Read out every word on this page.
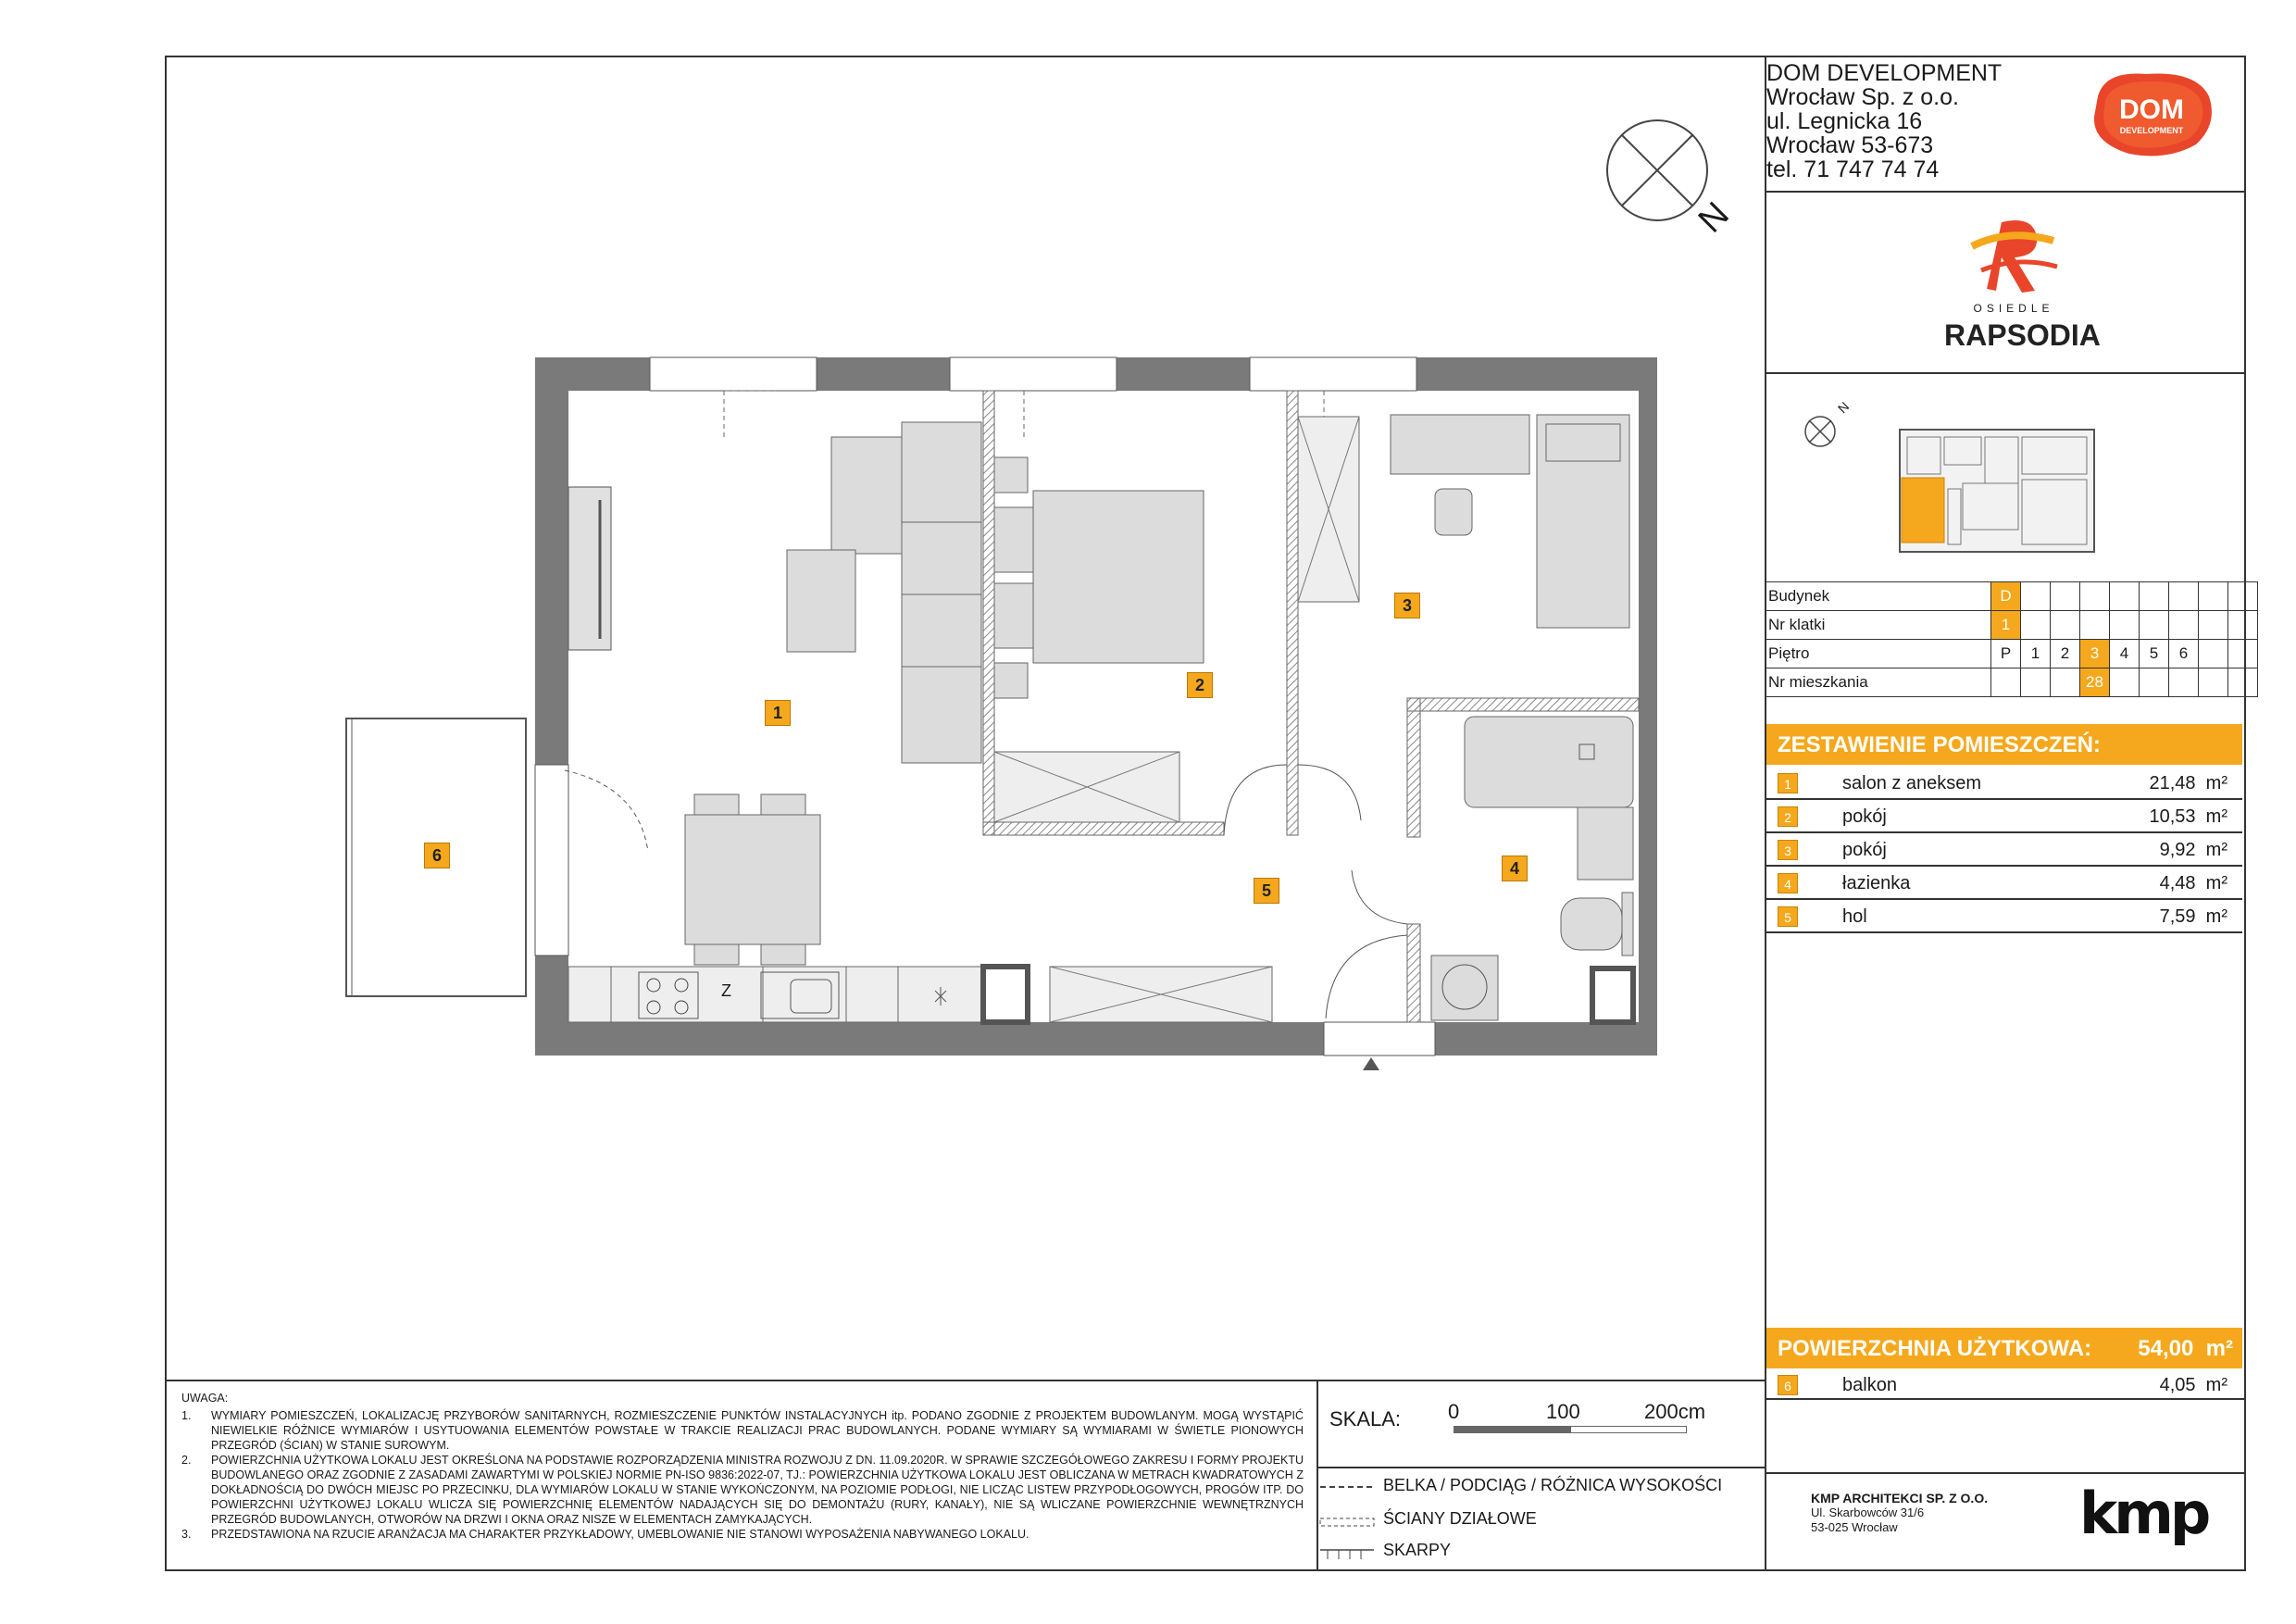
DOM DEVELOPMENT
Wrocław Sp. z o.o.
ul. Legnicka 16
Wrocław 53-673
tel. 71 747 74 74
DOM
DEVELOPMENT
OSIEDLE
RAPSODIA
N
N
Budynek	D								
Nr klatki	1								
Piętro	P	1	2	3	4	5	6		
Nr mieszkania				28					
ZESTAWIENIE POMIESZCZEŃ:
1	salon z aneksem	21,48 m²
2	pokój	10,53 m²
3	pokój	9,92 m²
4	łazienka	4,48 m²
5	hol	7,59 m²
POWIERZCHNIA UŻYTKOWA: 54,00 m²
6	balkon	4,05 m²
KMP ARCHITEKCI SP. Z O.O.
Ul. Skarbowców 31/6
53-025 Wrocław	kmp
UWAGA:
1. WYMIARY POMIESZCZEŃ, LOKALIZACJĘ PRZYBORÓW SANITARNYCH, ROZMIESZCZENIE PUNKTÓW INSTALACYJNYCH itp. PODANO ZGODNIE Z PROJEKTEM BUDOWLANYM. MOGĄ WYSTĄPIĆ NIEWIELKIE RÓŻNICE WYMIARÓW I USYTUOWANIA ELEMENTÓW POWSTAŁE W TRAKCIE REALIZACJI PRAC BUDOWLANYCH. PODANE WYMIARY SĄ WYMIARAMI W ŚWIETLE PIONOWYCH PRZEGRÓD (ŚCIAN) W STANIE SUROWYM.
2. POWIERZCHNIA UŻYTKOWA LOKALU JEST OKREŚLONA NA PODSTAWIE ROZPORZĄDZENIA MINISTRA ROZWOJU Z DN. 11.09.2020R. W SPRAWIE SZCZEGÓŁOWEGO ZAKRESU I FORMY PROJEKTU BUDOWLANEGO ORAZ ZGODNIE Z ZASADAMI ZAWARTYMI W POLSKIEJ NORMIE PN-ISO 9836:2022-07, TJ.: POWIERZCHNIA UŻYTKOWA LOKALU JEST OBLICZANA W METRACH KWADRATOWYCH Z DOKŁADNOŚCIĄ DO DWÓCH MIEJSC PO PRZECINKU, DLA WYMIARÓW LOKALU W STANIE WYKOŃCZONYM, NA POZIOMIE PODŁOGI, NIE LICZĄC LISTEW PRZYPODŁOGOWYCH, PROGÓW ITP. DO POWIERZCHNI UŻYTKOWEJ LOKALU WLICZA SIĘ POWIERZCHNIĘ ELEMENTÓW NADAJĄCYCH SIĘ DO DEMONTAŻU (RURY, KANAŁY), NIE SĄ WLICZANE POWIERZCHNIE WEWNĘTRZNYCH PRZEGRÓD BUDOWLANYCH, OTWORÓW NA DRZWI I OKNA ORAZ NISZE W ELEMENTACH ZAMYKAJĄCYCH.
3. PRZEDSTAWIONA NA RZUCIE ARANŻACJA MA CHARAKTER PRZYKŁADOWY, UMEBLOWANIE NIE STANOWI WYPOSAŻENIA NABYWANEGO LOKALU.
SKALA: 0	100	200cm
BELKA / PODCIĄG / RÓŻNICA WYSOKOŚCI
ŚCIANY DZIAŁOWE
SKARPY
Z
1
2
3
4
5
6
